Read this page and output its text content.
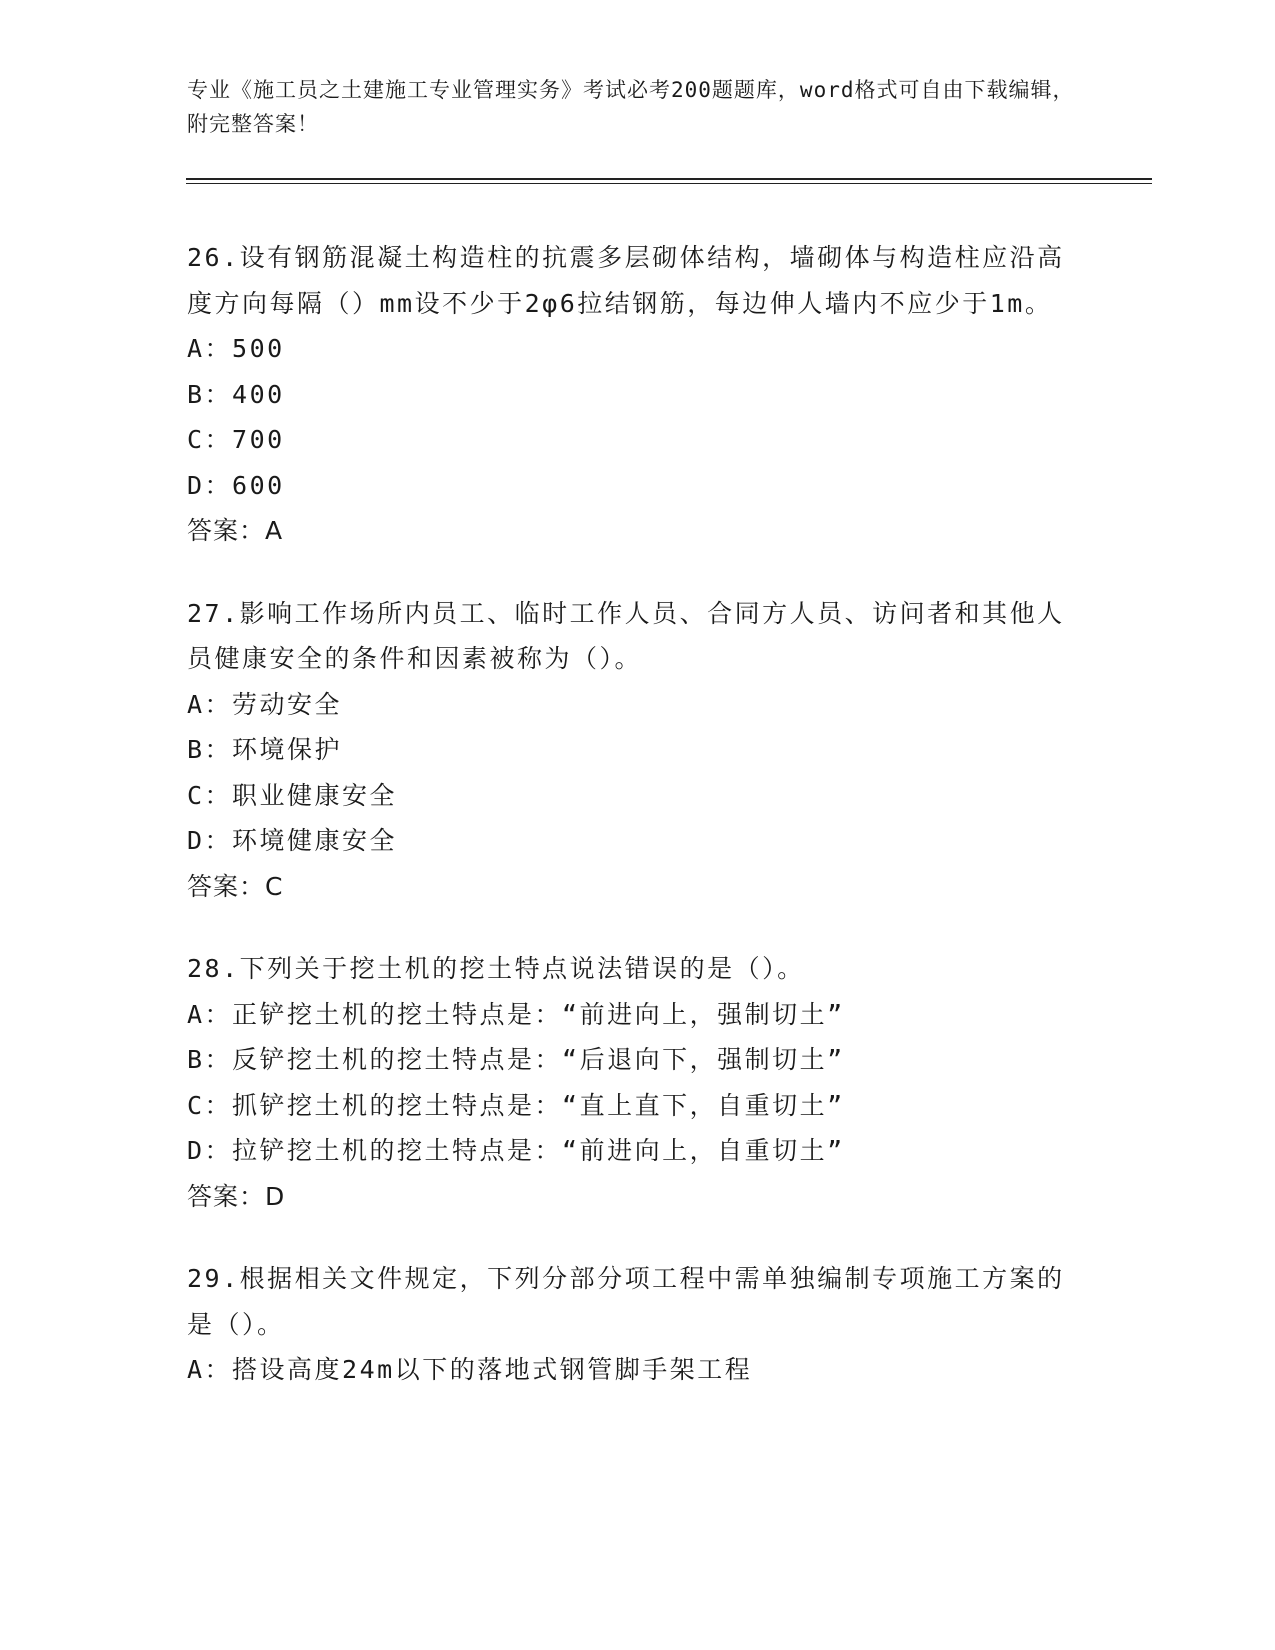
专业《施工员之土建施工专业管理实务》考试必考200题题库，word格式可自由下载编辑，附完整答案！
26.设有钢筋混凝土构造柱的抗震多层砌体结构，墙砌体与构造柱应沿高度方向每隔（）mm设不少于2φ6拉结钢筋，每边伸人墙内不应少于1m。
A：500
B：400
C：700
D：600
答案：A
27.影响工作场所内员工、临时工作人员、合同方人员、访问者和其他人员健康安全的条件和因素被称为（）。
A：劳动安全
B：环境保护
C：职业健康安全
D：环境健康安全
答案：C
28.下列关于挖土机的挖土特点说法错误的是（）。
A：正铲挖土机的挖土特点是：“前进向上，强制切土”
B：反铲挖土机的挖土特点是：“后退向下，强制切土”
C：抓铲挖土机的挖土特点是：“直上直下，自重切土”
D：拉铲挖土机的挖土特点是：“前进向上，自重切土”
答案：D
29.根据相关文件规定，下列分部分项工程中需单独编制专项施工方案的是（）。
A：搭设高度24m以下的落地式钢管脚手架工程
